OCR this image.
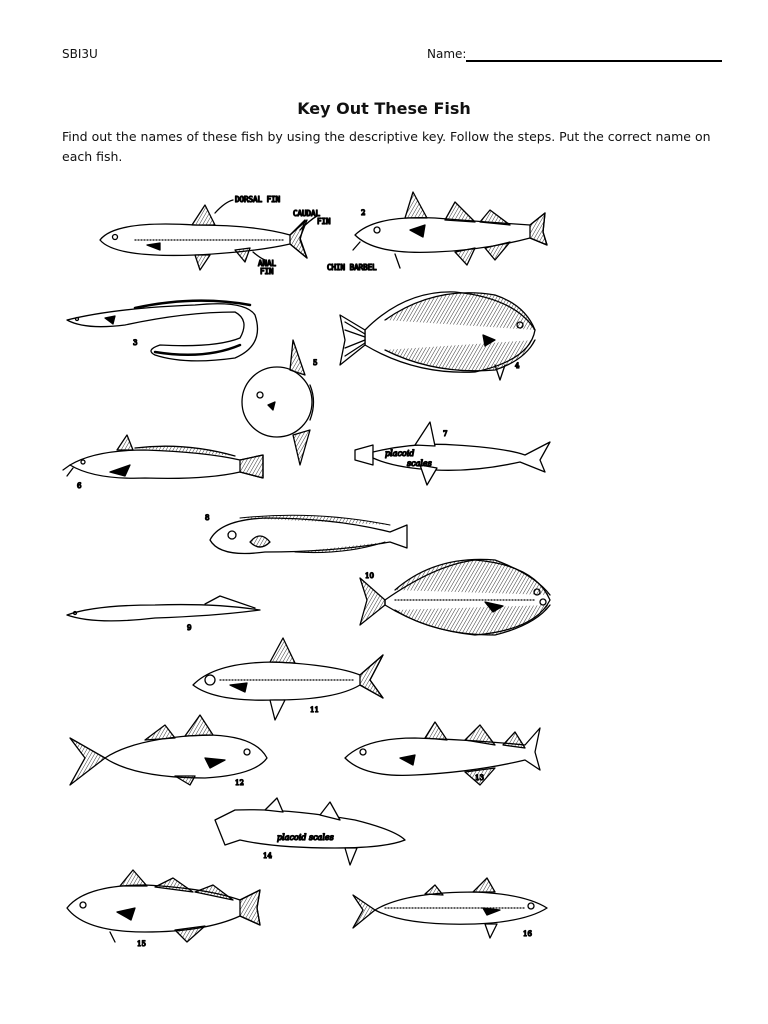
SBI3U	Name:
Key Out These Fish
Find out the names of these fish by using the descriptive key. Follow the steps. Put the correct name on each fish.
DORSAL FIN
CAUDAL
FIN
ANAL
FIN	CHIN BARBEL
2
3
4
5
6
placoid
scales
7
8
9
10
11
12
13
placoid scales
14
15
16
